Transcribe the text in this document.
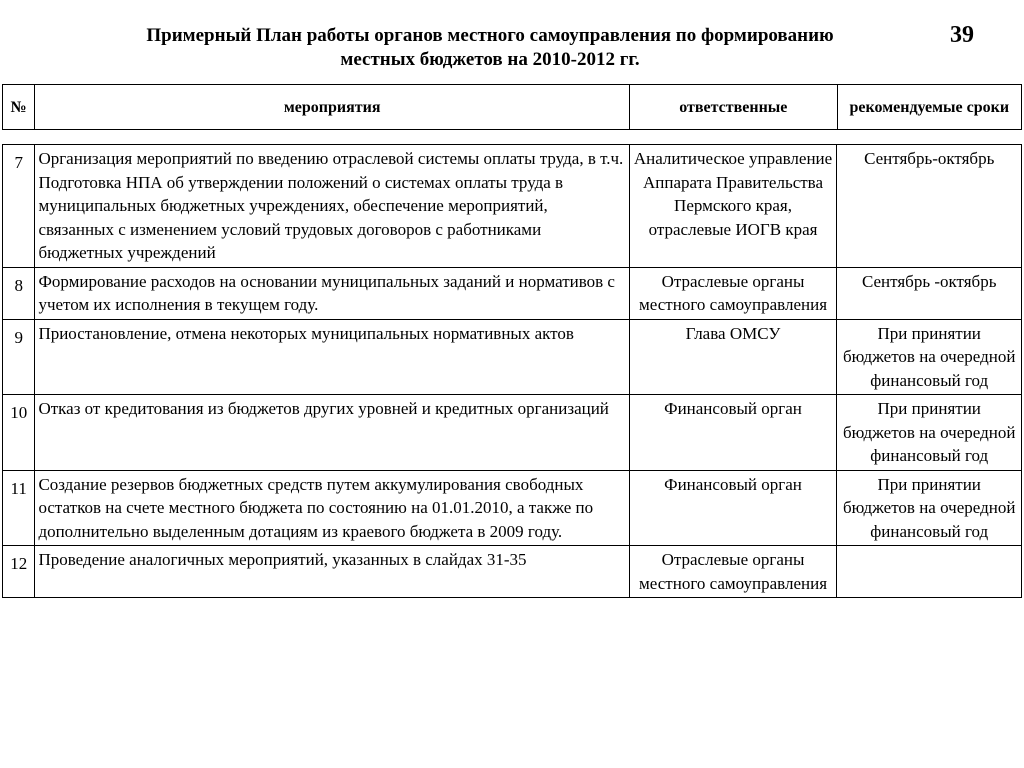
Примерный План работы органов местного самоуправления по формированию
местных бюджетов на 2010-2012 гг.
39
№	мероприятия	ответственные	рекомендуемые сроки
7	Организация мероприятий по введению отраслевой системы оплаты труда, в т.ч. Подготовка НПА об утверждении положений о системах оплаты труда в муниципальных бюджетных учреждениях, обеспечение мероприятий, связанных с изменением условий трудовых договоров с работниками бюджетных учреждений	Аналитическое управление Аппарата Правительства Пермского края, отраслевые ИОГВ края	Сентябрь-октябрь
8	Формирование расходов на основании муниципальных заданий и нормативов с учетом их исполнения в текущем году.	Отраслевые органы местного самоуправления	Сентябрь -октябрь
9	Приостановление, отмена некоторых муниципальных нормативных актов	Глава ОМСУ	При принятии бюджетов на очередной финансовый год
10	Отказ от кредитования из бюджетов других уровней и кредитных организаций	Финансовый орган	При принятии бюджетов на очередной финансовый год
11	Создание резервов бюджетных средств путем аккумулирования свободных остатков на счете местного бюджета по состоянию на 01.01.2010, а также по дополнительно выделенным дотациям из краевого бюджета в 2009 году.	Финансовый орган	При принятии бюджетов на очередной финансовый год
12	Проведение аналогичных мероприятий, указанных в слайдах 31-35	Отраслевые органы местного самоуправления	
